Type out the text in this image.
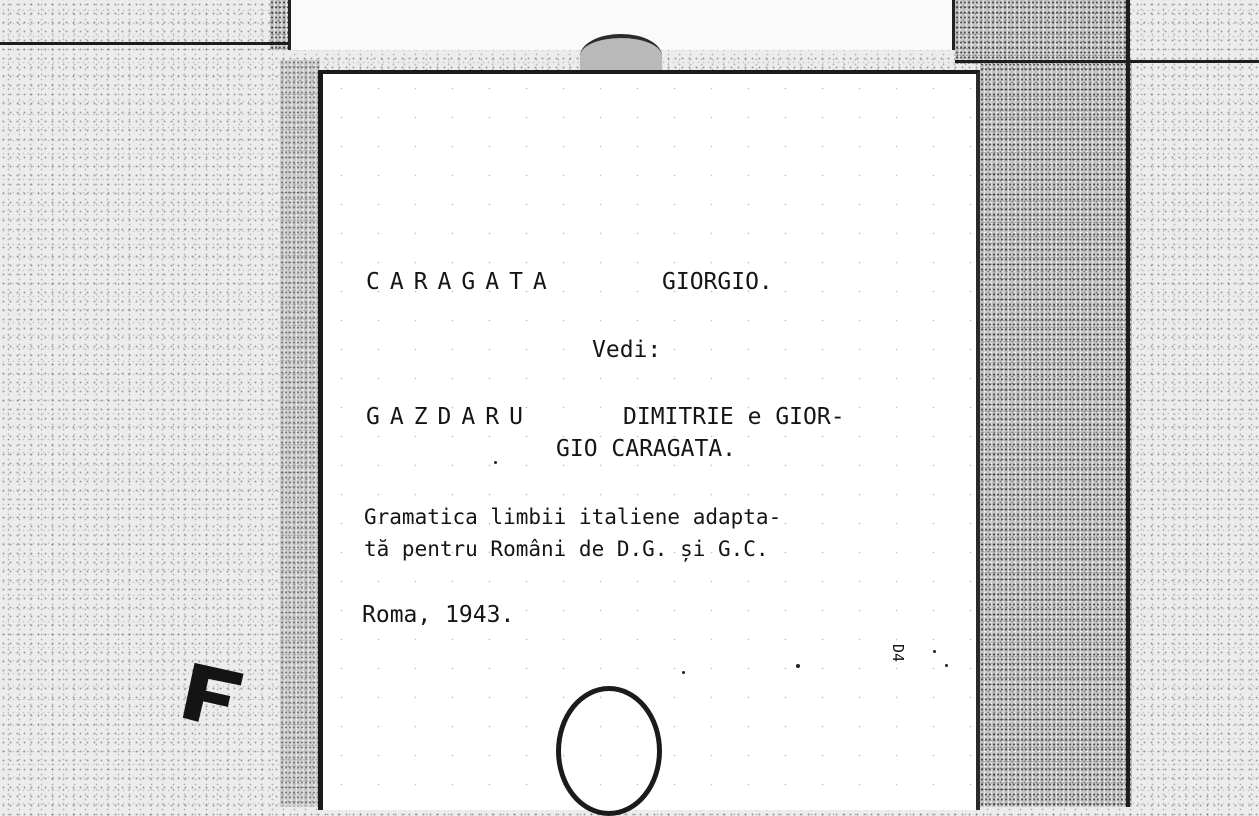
CARAGATA	GIORGIO.
Vedi:
GAZDARU	DIMITRIE e GIOR-
GIO CARAGATA.
Gramatica limbii italiene adapta-
tă pentru Români de D.G. și G.C.
Roma, 1943.
D4
